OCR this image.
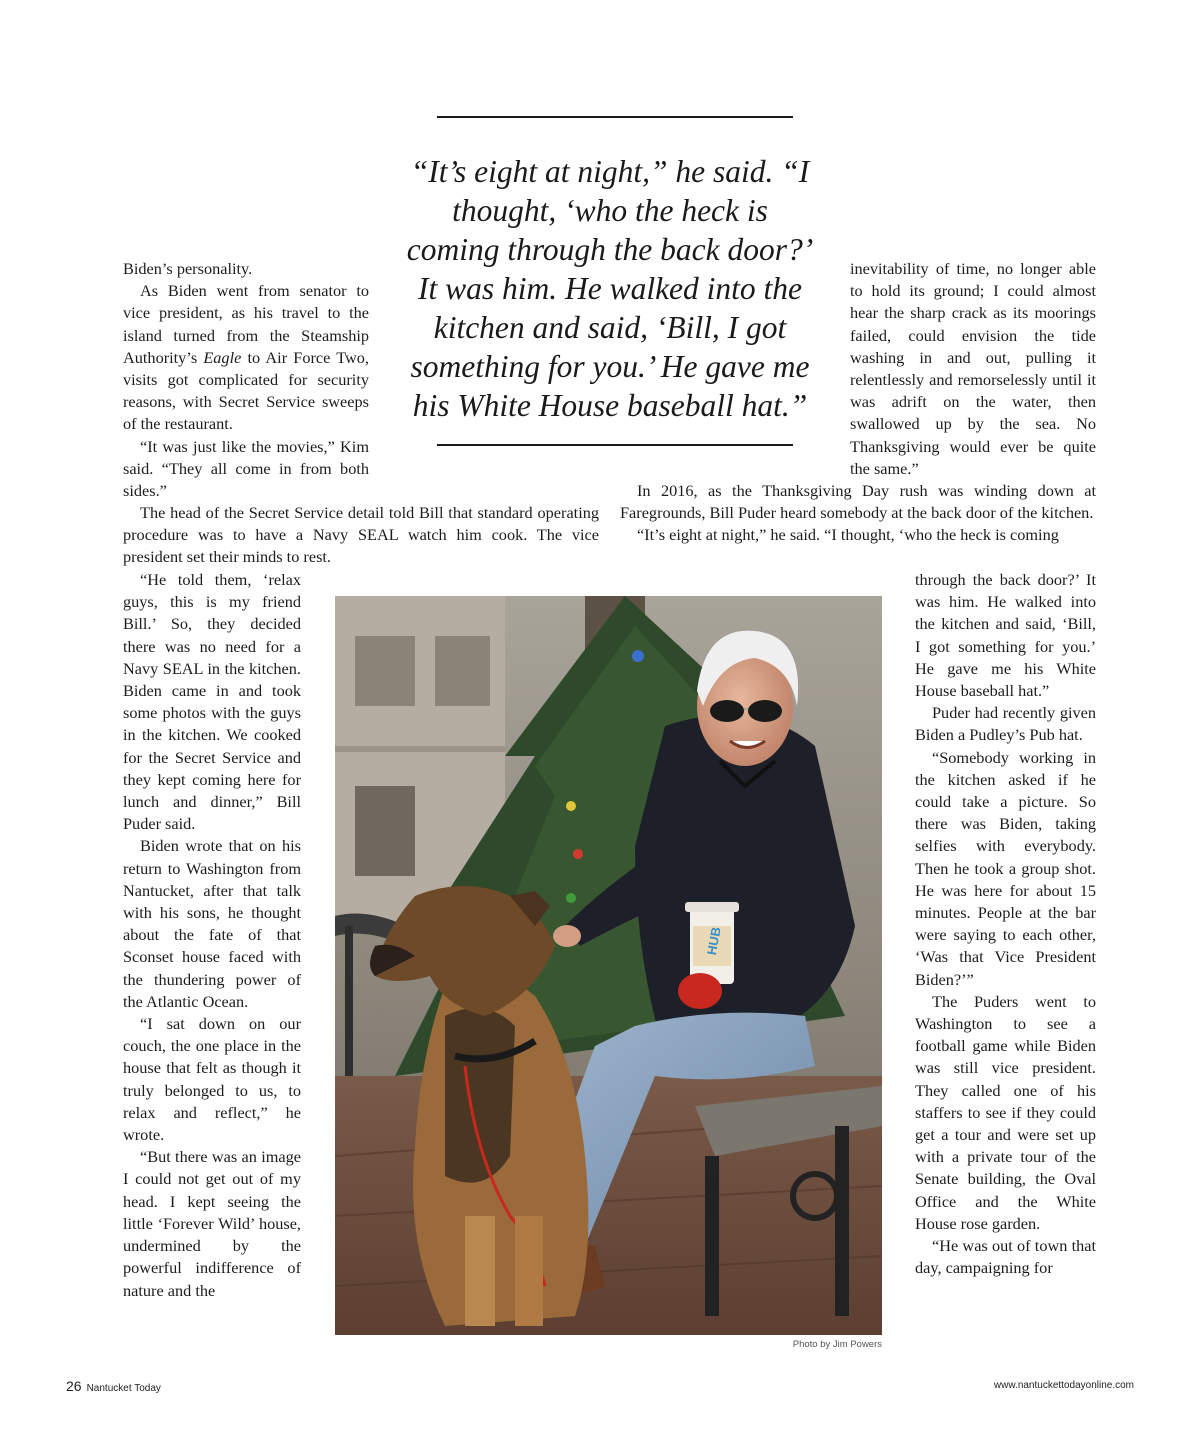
“It’s eight at night,” he said. “I thought, ‘who the heck is coming through the back door?’ It was him. He walked into the kitchen and said, ‘Bill, I got something for you.’ He gave me his White House baseball hat.”

Biden’s personality.

As Biden went from senator to vice president, as his travel to the island turned from the Steamship Authority’s Eagle to Air Force Two, visits got complicated for security reasons, with Secret Service sweeps of the restaurant.

“It was just like the movies,” Kim said. “They all come in from both sides.”

inevitability of time, no longer able to hold its ground; I could almost hear the sharp crack as its moorings failed, could envision the tide washing in and out, pulling it relentlessly and remorselessly until it was adrift on the water, then swallowed up by the sea. No Thanksgiving would ever be quite the same.”

The head of the Secret Service detail told Bill that standard operating procedure was to have a Navy SEAL watch him cook. The vice president set their minds to rest.

In 2016, as the Thanksgiving Day rush was winding down at Faregrounds, Bill Puder heard somebody at the back door of the kitchen.

“It’s eight at night,” he said. “I thought, ‘who the heck is coming

“He told them, ‘relax guys, this is my friend Bill.’ So, they decided there was no need for a Navy SEAL in the kitchen. Biden came in and took some photos with the guys in the kitchen. We cooked for the Secret Service and they kept coming here for lunch and dinner,” Bill Puder said.

Biden wrote that on his return to Washington from Nantucket, after that talk with his sons, he thought about the fate of that Sconset house faced with the thundering power of the Atlantic Ocean.

“I sat down on our couch, the one place in the house that felt as though it truly belonged to us, to relax and reflect,” he wrote.

“But there was an image I could not get out of my head. I kept seeing the little ‘Forever Wild’ house, undermined by the powerful indifference of nature and the

through the back door?’ It was him. He walked into the kitchen and said, ‘Bill, I got something for you.’ He gave me his White House baseball hat.”

Puder had recently given Biden a Pudley’s Pub hat.

“Somebody working in the kitchen asked if he could take a picture. So there was Biden, taking selfies with everybody. Then he took a group shot. He was here for about 15 minutes. People at the bar were saying to each other, ‘Was that Vice President Biden?’”

The Puders went to Washington to see a football game while Biden was still vice president. They called one of his staffers to see if they could get a tour and were set up with a private tour of the Senate building, the Oval Office and the White House rose garden.

“He was out of town that day, campaigning for

HUB
Photo by Jim Powers
26 Nantucket Today	www.nantuckettodayonline.com
